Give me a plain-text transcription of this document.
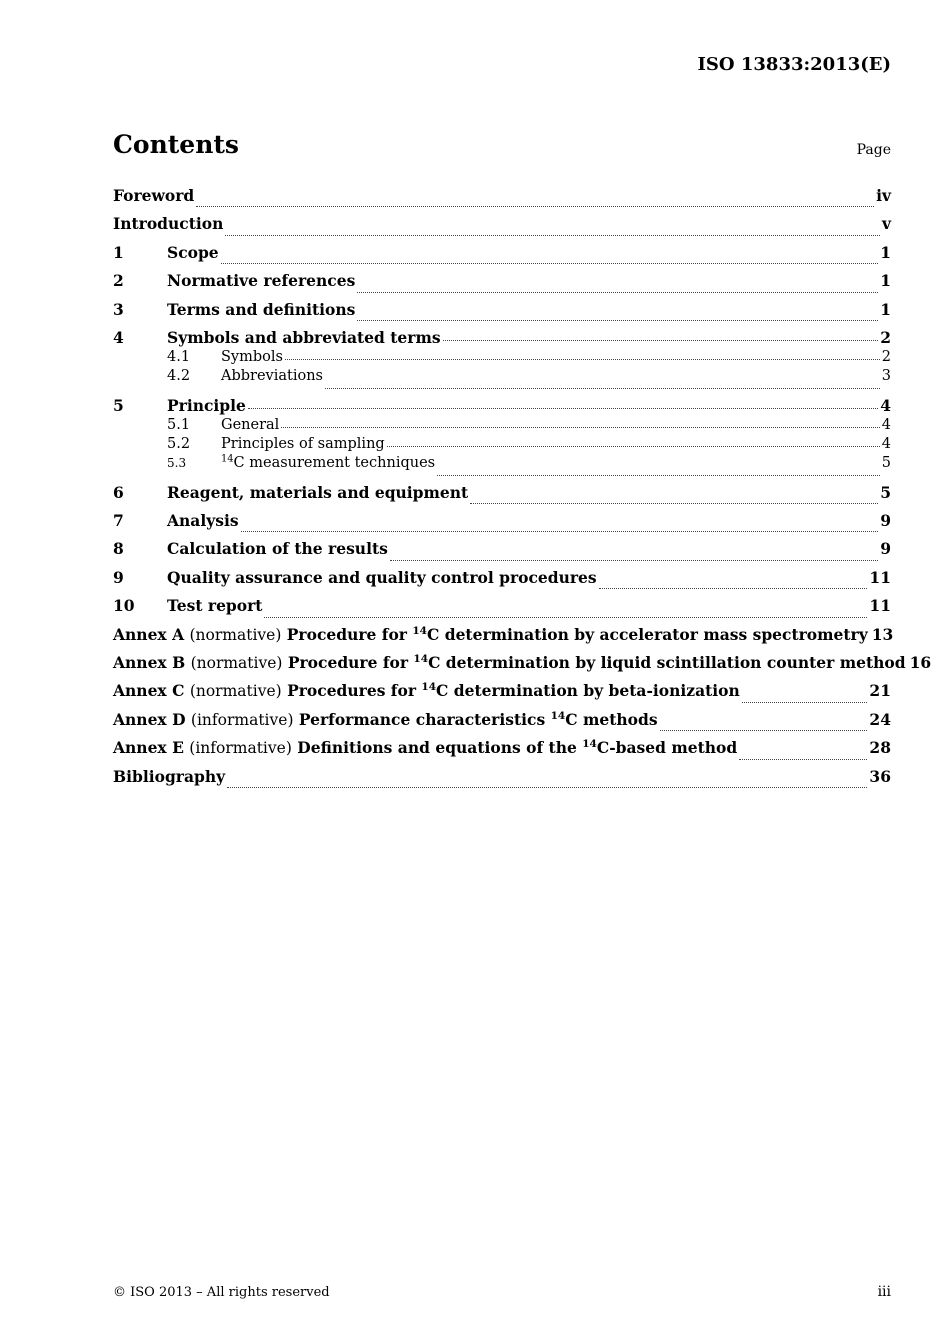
ISO 13833:2013(E)
Contents	Page
Foreword	iv
Introduction	v
1	Scope	1
2	Normative references	1
3	Terms and definitions	1
4	Symbols and abbreviated terms	2
4.1	Symbols	2
4.2	Abbreviations	3
5	Principle	4
5.1	General	4
5.2	Principles of sampling	4
5.3	$^{14}$C measurement techniques	5
6	Reagent, materials and equipment	5
7	Analysis	9
8	Calculation of the results	9
9	Quality assurance and quality control procedures	11
10	Test report	11
Annex A (normative) Procedure for $^{14}$C determination by accelerator mass spectrometry 13
Annex B (normative) Procedure for $^{14}$C determination by liquid scintillation counter method 16
Annex C (normative) Procedures for $^{14}$C determination by beta-ionization	21
Annex D (informative) Performance characteristics $^{14}$C methods	24
Annex E (informative) Definitions and equations of the $^{14}$C-based method	28
Bibliography	36
© ISO 2013 – All rights reserved	iii
